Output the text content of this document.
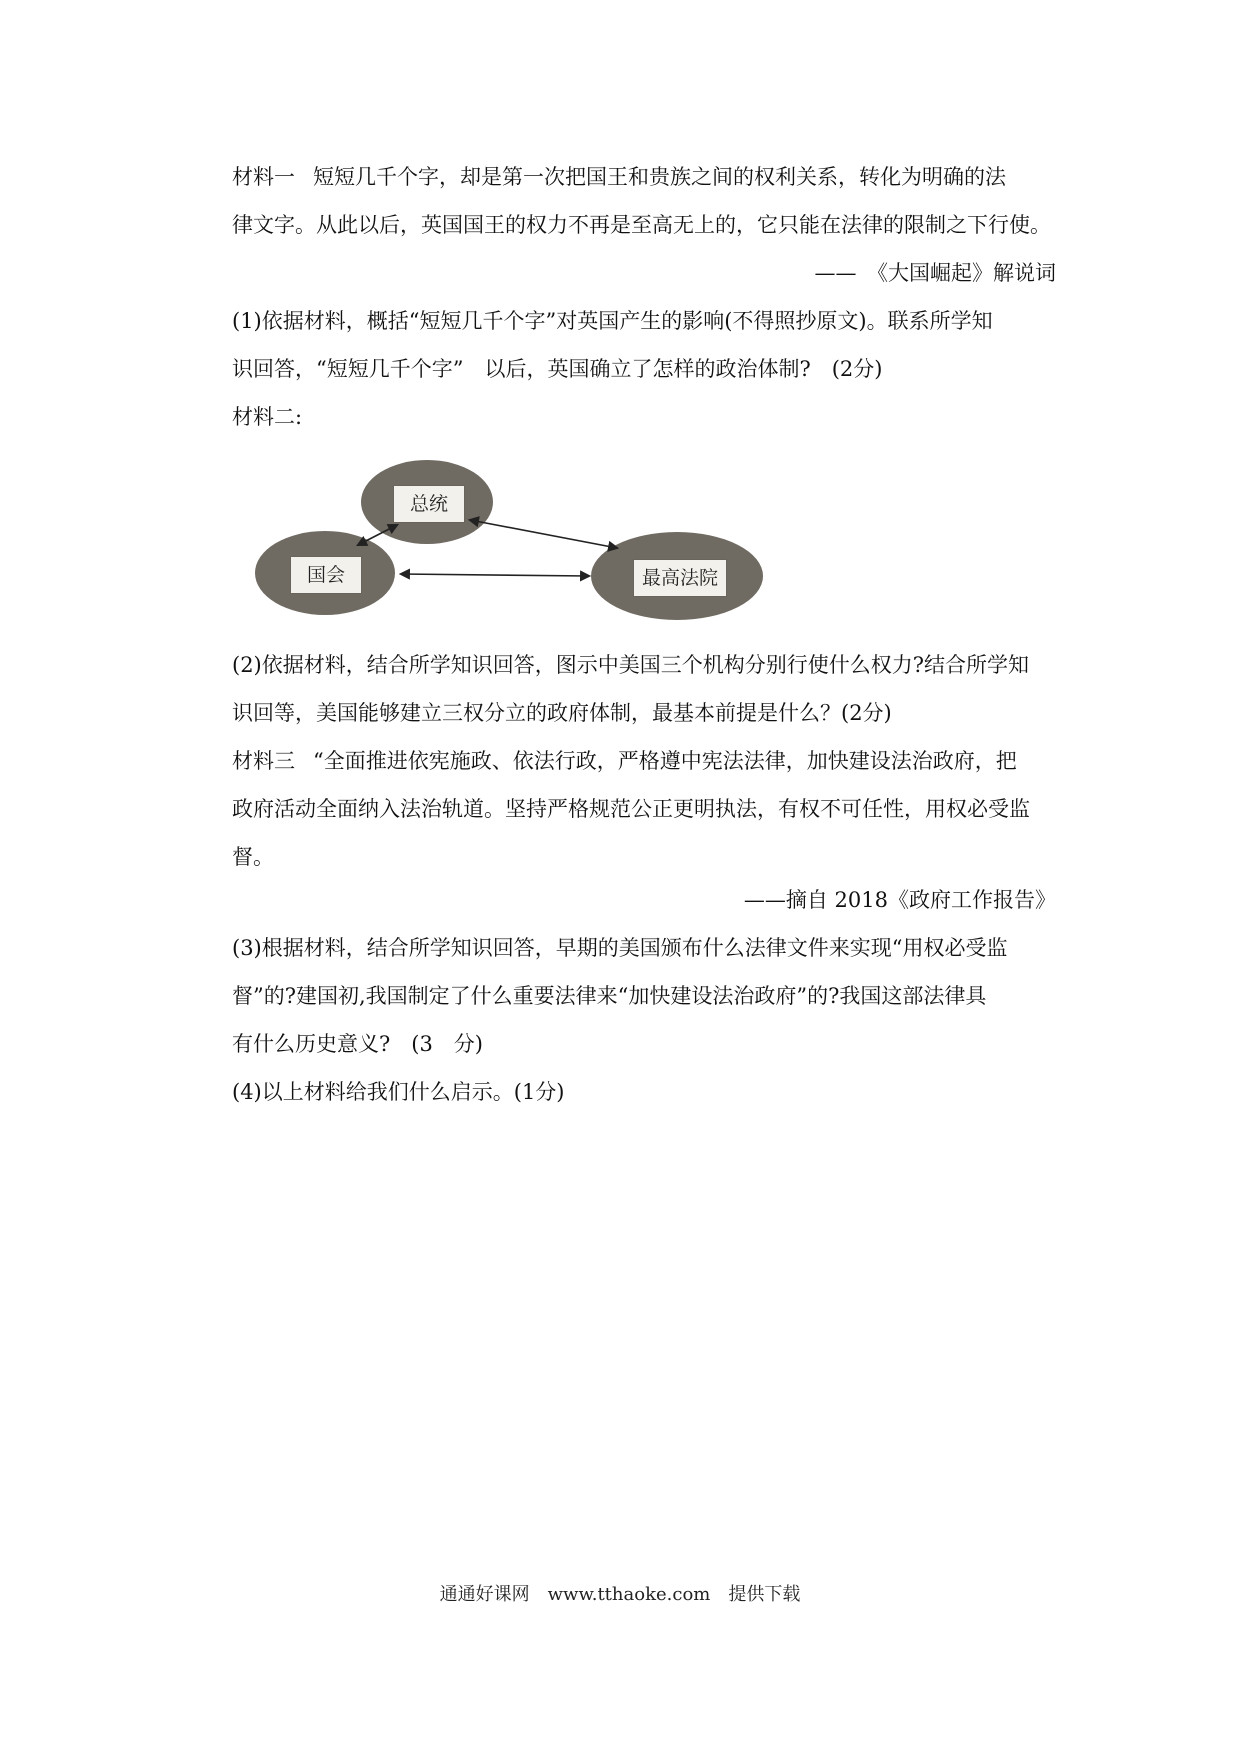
材料一 短短几千个字，却是第一次把国王和贵族之间的权利关系，转化为明确的法
律文字。从此以后，英国国王的权力不再是至高无上的，它只能在法律的限制之下行使。
——　《大国崛起》解说词
(1)依据材料，概括“短短几千个字”对英国产生的影响(不得照抄原文)。联系所学知
识回答，“短短几千个字”　以后，英国确立了怎样的政治体制?　(2分)
材料二:
总统
国会	最高法院
(2)依据材料，结合所学知识回答，图示中美国三个机构分别行使什么权力?结合所学知
识回等，美国能够建立三权分立的政府体制，最基本前提是什么？(2分)
材料三 “全面推进依宪施政、依法行政，严格遵中宪法法律，加快建设法治政府，把
政府活动全面纳入法治轨道。坚持严格规范公正更明执法，有权不可任性，用权必受监
督。
——摘自 2018《政府工作报告》
(3)根据材料，结合所学知识回答，早期的美国颁布什么法律文件来实现“用权必受监
督”的?建国初,我国制定了什么重要法律来“加快建设法治政府”的?我国这部法律具
有什么历史意义?　(3　分)
(4)以上材料给我们什么启示。(1分)
通通好课网　www.tthaoke.com　提供下载
